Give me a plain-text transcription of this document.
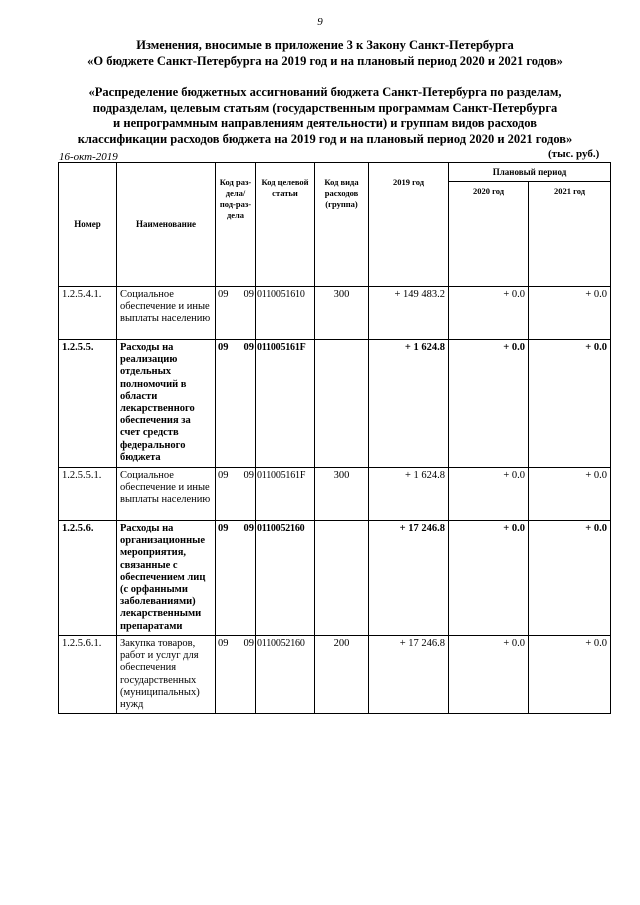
9
Изменения, вносимые в приложение 3 к Закону Санкт-Петербурга
«О бюджете Санкт-Петербурга на 2019 год и на плановый период 2020 и 2021 годов»
«Распределение бюджетных ассигнований бюджета Санкт-Петербурга по разделам,
подразделам, целевым статьям (государственным программам Санкт-Петербурга
и непрограммным направлениям деятельности) и группам видов расходов
классификации расходов бюджета на 2019 год и на плановый период 2020 и 2021 годов»
16-окт-2019	(тыс. руб.)
Номер	Наименование	Код раз-дела/ под-раз-дела	Код целевой статьи	Код вида расходов (группа)	2019 год	Плановый период	
						2020 год	2021 год
1.2.5.4.1.	Социальное обеспечение и иные выплаты населению	09 09	0110051610	300	+ 149 483.2	+ 0.0	+ 0.0
1.2.5.5.	Расходы на реализацию отдельных полномочий в области лекарственного обеспечения за счет средств федерального бюджета	09 09	011005161F		+ 1 624.8	+ 0.0	+ 0.0
1.2.5.5.1.	Социальное обеспечение и иные выплаты населению	09 09	011005161F	300	+ 1 624.8	+ 0.0	+ 0.0
1.2.5.6.	Расходы на организационные мероприятия, связанные с обеспечением лиц (с орфанными заболеваниями) лекарственными препаратами	09 09	0110052160		+ 17 246.8	+ 0.0	+ 0.0
1.2.5.6.1.	Закупка товаров, работ и услуг для обеспечения государственных (муниципальных) нужд	09 09	0110052160	200	+ 17 246.8	+ 0.0	+ 0.0
